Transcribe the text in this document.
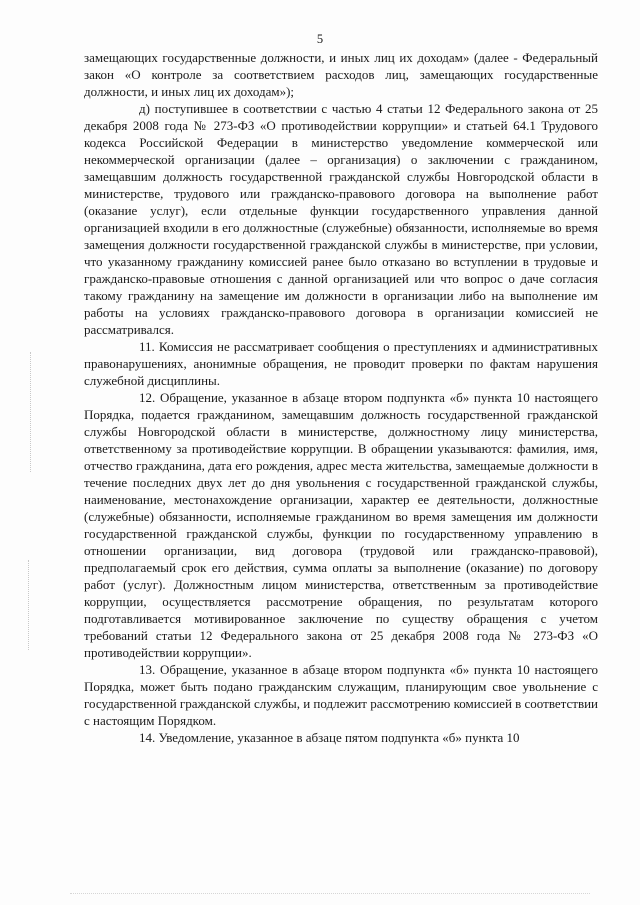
5

замещающих государственные должности, и иных лиц их доходам» (далее - Федеральный закон «О контроле за соответствием расходов лиц, замещающих государственные должности, и иных лиц их доходам»);

д) поступившее в соответствии с частью 4 статьи 12 Федерального закона от 25 декабря 2008 года № 273-ФЗ «О противодействии коррупции» и статьей 64.1 Трудового кодекса Российской Федерации в министерство уведомление коммерческой или некоммерческой организации (далее – организация) о заключении с гражданином, замещавшим должность государственной гражданской службы Новгородской области в министерстве, трудового или гражданско-правового договора на выполнение работ (оказание услуг), если отдельные функции государственного управления данной организацией входили в его должностные (служебные) обязанности, исполняемые во время замещения должности государственной гражданской службы в министерстве, при условии, что указанному гражданину комиссией ранее было отказано во вступлении в трудовые и гражданско-правовые отношения с данной организацией или что вопрос о даче согласия такому гражданину на замещение им должности в организации либо на выполнение им работы на условиях гражданско-правового договора в организации комиссией не рассматривался.

11. Комиссия не рассматривает сообщения о преступлениях и административных правонарушениях, анонимные обращения, не проводит проверки по фактам нарушения служебной дисциплины.

12. Обращение, указанное в абзаце втором подпункта «б» пункта 10 настоящего Порядка, подается гражданином, замещавшим должность государственной гражданской службы Новгородской области в министерстве, должностному лицу министерства, ответственному за противодействие коррупции. В обращении указываются: фамилия, имя, отчество гражданина, дата его рождения, адрес места жительства, замещаемые должности в течение последних двух лет до дня увольнения с государственной гражданской службы, наименование, местонахождение организации, характер ее деятельности, должностные (служебные) обязанности, исполняемые гражданином во время замещения им должности государственной гражданской службы, функции по государственному управлению в отношении организации, вид договора (трудовой или гражданско-правовой), предполагаемый срок его действия, сумма оплаты за выполнение (оказание) по договору работ (услуг). Должностным лицом министерства, ответственным за противодействие коррупции, осуществляется рассмотрение обращения, по результатам которого подготавливается мотивированное заключение по существу обращения с учетом требований статьи 12 Федерального закона от 25 декабря 2008 года № 273-ФЗ «О противодействии коррупции».

13. Обращение, указанное в абзаце втором подпункта «б» пункта 10 настоящего Порядка, может быть подано гражданским служащим, планирующим свое увольнение с государственной гражданской службы, и подлежит рассмотрению комиссией в соответствии с настоящим Порядком.

14. Уведомление, указанное в абзаце пятом подпункта «б» пункта 10
